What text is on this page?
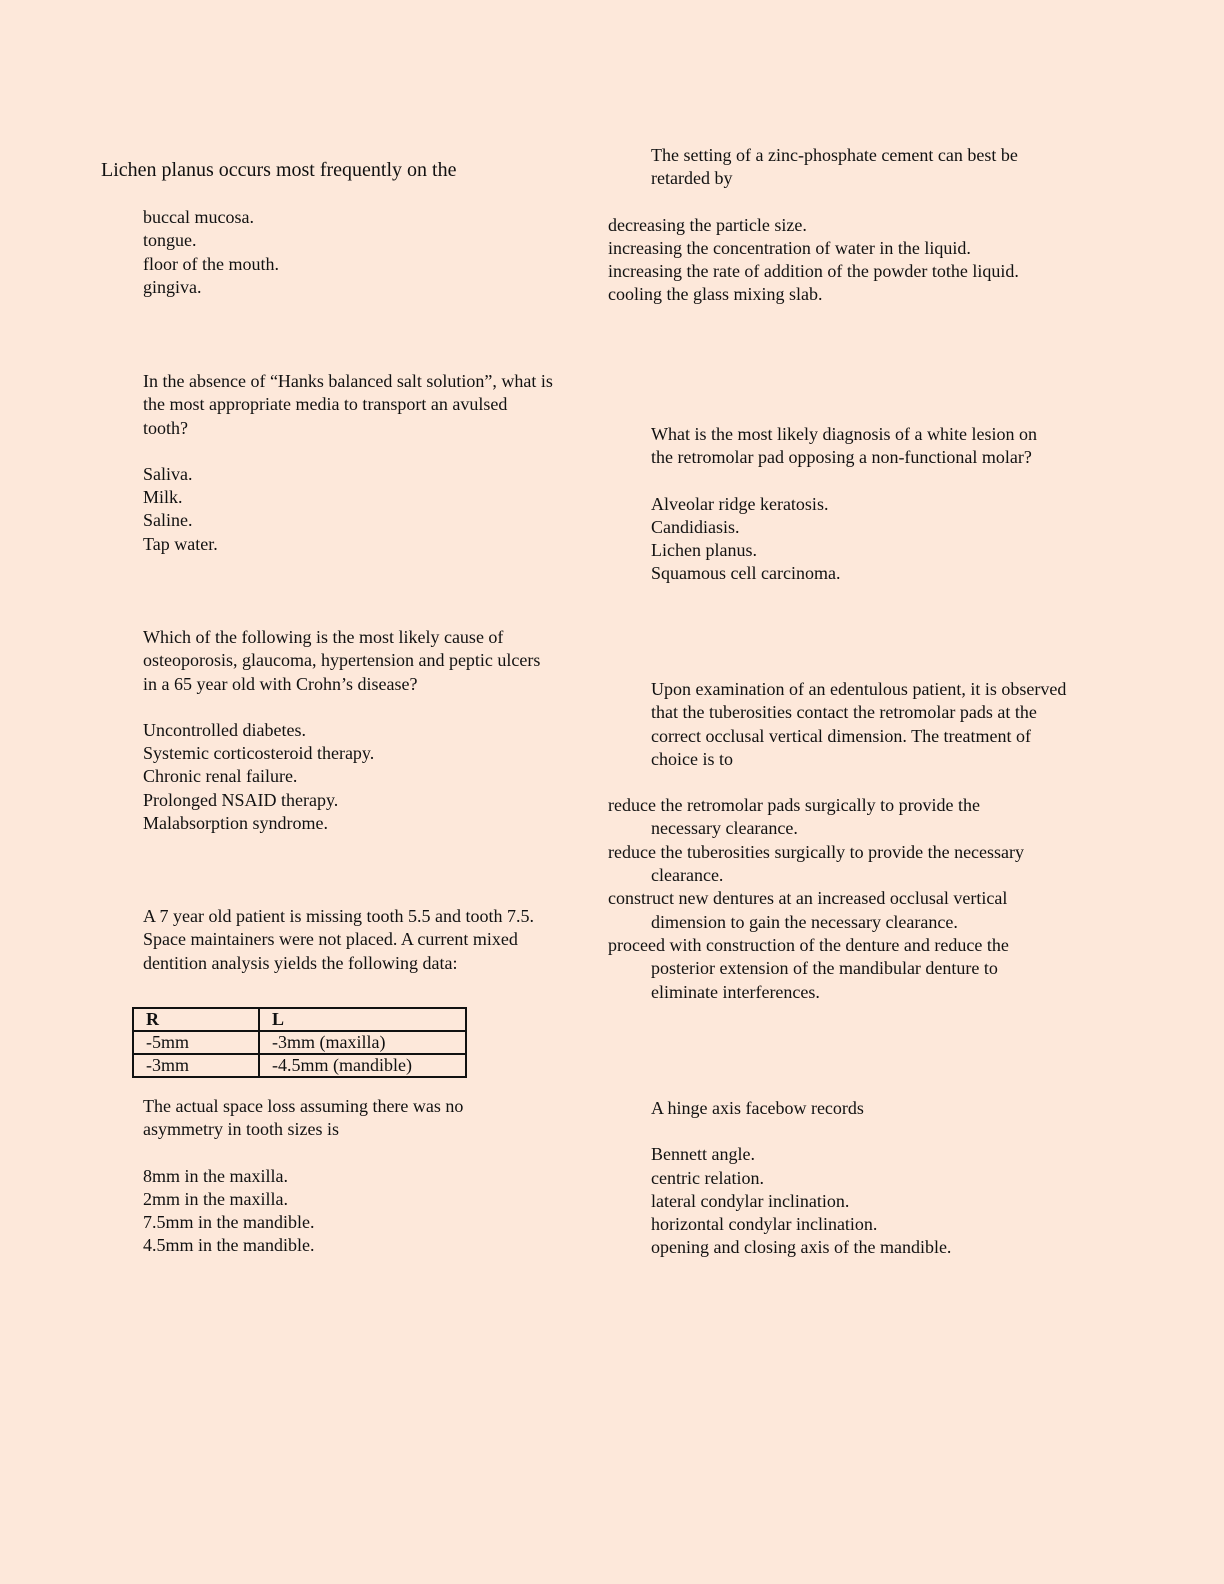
Lichen planus occurs most frequently on the

buccal mucosa.
tongue.
floor of the mouth.
gingiva.

In the absence of “Hanks balanced salt solution”, what is the most appropriate media to transport an avulsed tooth?

Saliva.
Milk.
Saline.
Tap water.

Which of the following is the most likely cause of osteoporosis, glaucoma, hypertension and peptic ulcers in a 65 year old with Crohn’s disease?

Uncontrolled diabetes.
Systemic corticosteroid therapy.
Chronic renal failure.
Prolonged NSAID therapy.
Malabsorption syndrome.

A 7 year old patient is missing tooth 5.5 and tooth 7.5. Space maintainers were not placed. A current mixed dentition analysis yields the following data:

R	L
-5mm	-3mm (maxilla)
-3mm	-4.5mm (mandible)

The actual space loss assuming there was no asymmetry in tooth sizes is

8mm in the maxilla.
2mm in the maxilla.
7.5mm in the mandible.
4.5mm in the mandible.

The setting of a zinc-phosphate cement can best be retarded by

decreasing the particle size.
increasing the concentration of water in the liquid.
increasing the rate of addition of the powder tothe liquid.
cooling the glass mixing slab.

What is the most likely diagnosis of a white lesion on the retromolar pad opposing a non-functional molar?

Alveolar ridge keratosis.
Candidiasis.
Lichen planus.
Squamous cell carcinoma.

Upon examination of an edentulous patient, it is observed that the tuberosities contact the retromolar pads at the correct occlusal vertical dimension. The treatment of choice is to

reduce the retromolar pads surgically to provide the necessary clearance.
reduce the tuberosities surgically to provide the necessary clearance.
construct new dentures at an increased occlusal vertical dimension to gain the necessary clearance.
proceed with construction of the denture and reduce the posterior extension of the mandibular denture to eliminate interferences.

A hinge axis facebow records

Bennett angle.
centric relation.
lateral condylar inclination.
horizontal condylar inclination.
opening and closing axis of the mandible.
